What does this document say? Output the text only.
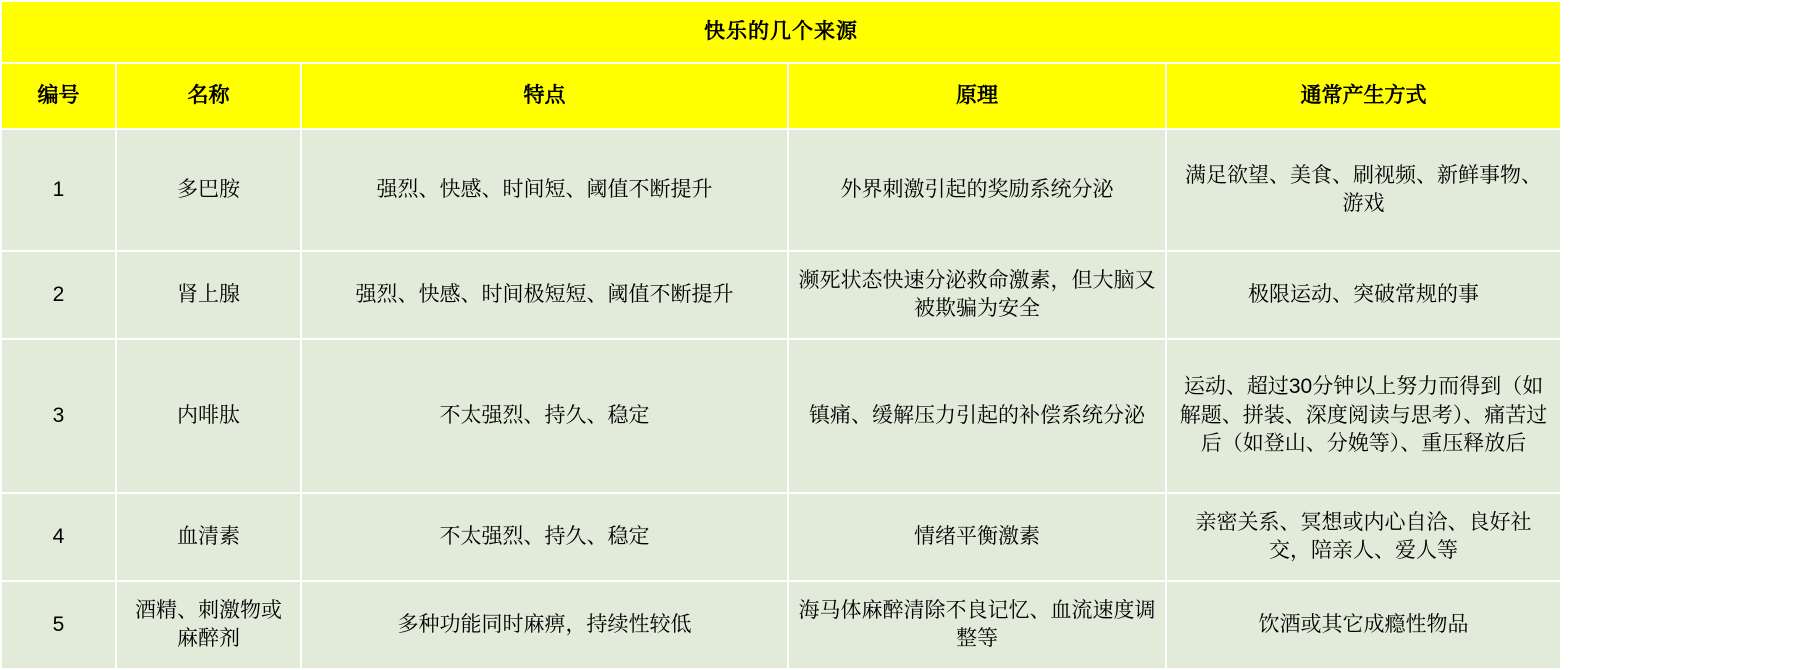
快乐的几个来源				
编号	名称	特点	原理	通常产生方式

1	多巴胺	强烈、快感、时间短、阈值不断提升	外界刺激引起的奖励系统分泌	满足欲望、美食、刷视频、新鲜事物、游戏

2	肾上腺	强烈、快感、时间极短短、阈值不断提升	濒死状态快速分泌救命激素，但大脑又被欺骗为安全	极限运动、突破常规的事

3	内啡肽	不太强烈、持久、稳定	镇痛、缓解压力引起的补偿系统分泌	运动、超过30分钟以上努力而得到（如解题、拼装、深度阅读与思考）、痛苦过后（如登山、分娩等）、重压释放后

4	血清素	不太强烈、持久、稳定	情绪平衡激素	亲密关系、冥想或内心自洽、良好社交，陪亲人、爱人等

5	酒精、刺激物或麻醉剂	多种功能同时麻痹，持续性较低	海马体麻醉清除不良记忆、血流速度调整等	饮酒或其它成瘾性物品
